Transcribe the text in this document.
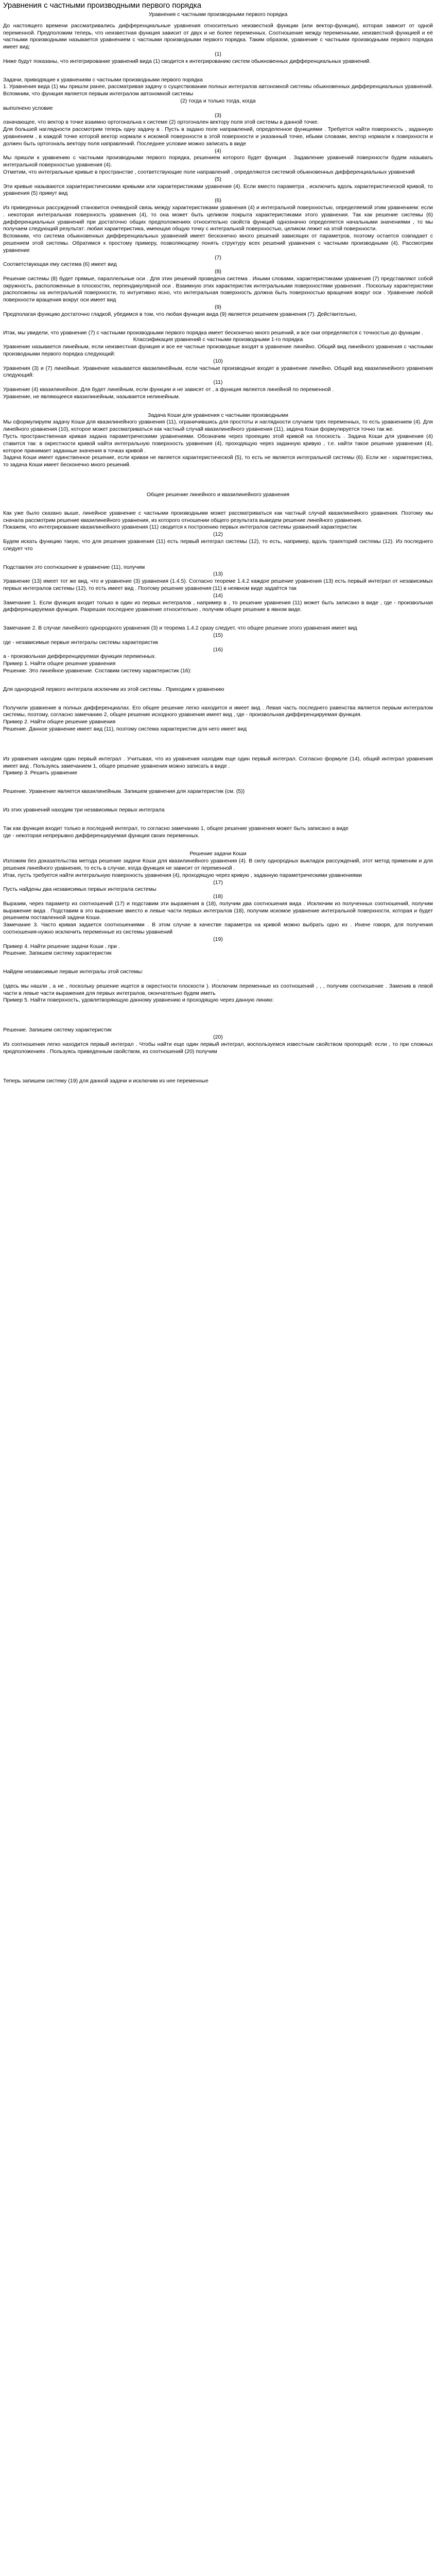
Уравнения с частными производными первого порядка
Уравнения с частными производными первого порядка
До настоящего времени рассматривались дифференциальные уравнения относительно неизвестной функции (или вектор-функции), которая зависит от одной переменной. Предположим теперь, что неизвестная функция зависит от двух и не более переменных. Соотношение между переменными, неизвестной функцией и её частными производными называется уравнением с частными производными первого порядка. Таким образом, уравнение с частными производными первого порядка имеет вид:
(1)
Ниже будут показаны, что интегрирование уравнений вида (1) сводится к интегрированию систем обыкновенных дифференциальных уравнений.
Задачи, приводящие к уравнениям с частными производными первого порядка
1. Уравнения вида (1) мы пришли ранее, рассматривая задачу о существовании полных интегралов автономной системы обыкновенных дифференциальных уравнений. Вспомним, что функция является первым интегралом автономной системы
(2) тогда и только тогда, когда
выполнено условие
(3)
означающее, что вектор в точке взаимно ортогональна к системе (2) ортогонален вектору поля этой системы в данной точке.
Для большей наглядности рассмотрим теперь одну задачу в . Пусть в задано поле направлений, определенное функциями . Требуется найти поверхность , заданную уравнением , в каждой точке которой вектор нормали к искомой поверхности в этой поверхности и указанный точке, ибыми словами, вектор нормали к поверхности и должен быть ортогональ вектору поля направлений. Последнее условие можно записать в виде
(4)
Мы пришли к уравнению с частными производными первого порядка, решением которого будет функция . Задавление уравнений поверхности будем называть интегральной поверхностью уравнения (4).
Отметим, что интегральные кривые в пространстве , соответствующие поле направлений , определяются системой обыкновенных дифференциальных уравнений
(5)
Эти кривые называются характеристическими кривыми или характеристиками уравнения (4). Если вместо параметра , исключить вдоль характеристической кривой, то уравнения (5) примут вид
(6)
Из приведенных рассуждений становится очевидной связь между характеристиками уравнения (4) и интегральной поверхностью, определяемой этим уравнением: если . некоторая интегральная поверхность уравнения (4), то она может быть целиком покрыта характеристиками этого уравнения. Так как решение системы (6) дифференциальных уравнений при достаточно общих предположениях относительно свойств функций однозначно определяется начальными значениями , то мы получаем следующий результат: любая характеристика, имеющая общую точку с интегральной поверхностью, целиком лежит на этой поверхности.
Вспомним, что система обыкновенных дифференциальных уравнений имеет бесконечно много решений зависящих от параметров, поэтому остается совпадает с решением этой системы. Обратимся к простому примеру, позволяющему понять структуру всех решений уравнения с частными производными (4). Рассмотрим уравнение
(7)
Соответствующая ему система (6) имеет вид
(8)
Решение системы (8) будет прямые, параллельные оси . Для этих решений проведена система . Иными словами, характеристиками уравнения (7) представляют собой окружность, расположенные в плоскостях, перпендикулярной оси . Взаимную этих характеристик интегральными поверхностями уравнения . Поскольку характеристики расположены на интегральной поверхности, то интуитивно ясно, что интегральная поверхность должна быть поверхностью вращения вокруг оси . Уравнение любой поверхности вращения вокруг оси имеет вид
(9)
Предполагая функцию достаточно гладкой, убедимся в том, что любая функция вида (9) является решением уравнения (7). Действительно,
Итак, мы увидели, что уравнение (7) с частными производными первого порядка имеет бесконечно много решений, и все они определяются с точностью до функции .
Классификация уравнений с частными производными 1-го порядка
Уравнение называется линейным, если неизвестная функция и все ее частные производные входят в уравнение линейно. Общий вид линейного уравнения с частными производными первого порядка следующий:
(10)
Уравнения (3) и (7) линейные. Уравнение называется квазилинейным, если частные производные входят в уравнение линейно. Общий вид квазилинейного уравнения следующий:
(11)
Уравнение (4) квазилинейное. Для будет линейным, если функции и не зависят от , а функция является линейной по переменной .
Уравнение, не являющееся квазилинейным, называется нелинейным.
Задача Коши для уравнения с частными производными
Мы сформулируем задачу Коши для квазилинейного уравнения (11), ограничившись для простоты и наглядности случаем трех переменных, то есть уравнением (4). Для линейного уравнения (10), которое может рассматриваться как частный случай квазилинейного уравнения (11), задача Коши формулируется точно так же.
Пусть пространственная кривая задана параметрическими уравнениями. Обозначим через проекцию этой кривой на плоскость . Задача Коши для уравнения (4) ставится так: в окрестности кривой найти интегральную поверхность уравнения (4), проходящую через заданную кривую , т.е. найти такое решение уравнения (4), которое принимает заданные значения в точках кривой .
Задача Коши имеет единственное решение, если кривая не является характеристической (5), то есть не является интегральной системы (6). Если же - характеристика, то задача Коши имеет бесконечно много решений.
Общее решение линейного и квазилинейного уравнения
Как уже было сказано выше, линейное уравнение с частными производными может рассматриваться как частный случай квазилинейного уравнения. Поэтому мы сначала рассмотрим решение квазилинейного уравнения, из которого отношении общего результата выведем решение линейного уравнения.
Покажем, что интегрирование квазилинейного уравнения (11) сводится к построению первых интегралов системы уравнений характеристик
(12)
Будем искать функцию такую, что для решения уравнения (11) есть первый интеграл системы (12), то есть, например, вдоль траекторий системы (12). Из последнего следует что
Подставляя это соотношение в уравнение (11), получим
(13)
Уравнение (13) имеет тот же вид, что и уравнение (3) уравнения (1.4.5). Согласно теореме 1.4.2 каждое решение уравнения (13) есть первый интеграл от независимых первых интегралов системы (12), то есть имеет вид . Поэтому решение уравнения (11) в неявном виде задаётся так
(14)
Замечание 1. Если функция входит только в один из первых интегралов , например в , то решение уравнения (11) может быть записано в виде , где - произвольная дифференцируемая функция. Разрешая последнее уравнение относительно , получим общее решение в явном виде.
Замечание 2. В случае линейного однородного уравнения (3) и теорема 1.4.2 сразу следует, что общее решение этого уравнения имеет вид
(15)
где - независимые первые интегралы системы характеристик
(16)
а - произвольная дифференцируемая функция переменных.
Пример 1. Найти общее решение уравнения
Решение. Это линейное уравнение. Составим систему характеристик (16):
Для однородной первого интеграла исключим из этой системы . Приходим к уравнению
Получили уравнение в полных дифференциалах. Его общее решение легко находится и имеет вид . Левая часть последнего равенства является первым интегралом системы, поэтому, согласно замечанию 2, общее решение исходного уравнения имеет вид , где - произвольная дифференцируемая функция.
Пример 2. Найти общее решение уравнения
Решение. Данное уравнение имеет вид (11), поэтому система характеристик для него имеет вид
Из уравнения находим один первый интеграл . Учитывая, что из уравнения находим еще один первый интеграл. Согласно формуле (14), общий интеграл уравнения имеет вид . Пользуясь замечанием 1, общее решение уравнения можно записать в виде .
Пример 3. Решить уравнение
Решение. Уравнение является квазилинейным. Запишем уравнения для характеристик (см. (5))
Из этих уравнений находим три независимых первых интеграла
Так как функция входит только в последний интеграл, то согласно замечанию 1, общее решение уравнения может быть записано в виде
где - некоторая непрерывно дифференцируемая функция своих переменных.
Решение задачи Коши
Изложим без доказательства метода решение задачи Коши для квазилинейного уравнения (4). В силу однородных выкладок рассуждений, этот метод применим и для решения линейного уравнения, то есть в случае, когда функция не зависит от переменной .
Итак, пусть требуется найти интегральную поверхность уравнения (4), проходящую через кривую , заданную параметрическими уравнениями
(17)
Пусть найдены два независимых первых интеграла системы
(18)
Выразим, через параметр из соотношений (17) и подставим эти выражения в (18), получим два соотношения вида . Исключим из полученных соотношений, получим выражение вида . Подставим в это выражение вместо и левые части первых интегралов (18), получим искомое уравнение интегральной поверхности, которая и будет решением поставленной задачи Коши.
Замечание 3. Часто кривая задается соотношениями . В этом случае в качестве параметра на кривой можно выбрать одно из . Иначе говоря, для получения соотношения-нужно исключить переменные из системы уравнений
(19)
Пример 4. Найти решение задачи Коши , при .
Решение. Запишем систему характеристик
Найдем независимые первые интегралы этой системы:
.
(здесь мы нашли , а не , поскольку решение ищется в окрестности плоскости ). Исключим переменные из соотношений , , , получим соотношение . Заменив в левой части в левые части выражения для первых интегралов, окончательно будем иметь
Пример 5. Найти поверхность, удовлетворяющую данному уравнению и проходящую через данную линию:
Решение. Запишем систему характеристик
(20)
Из соотношения легко находится первый интеграл . Чтобы найти еще один первый интеграл, воспользуемся известным свойством пропорций: если , то при сложных предположениях . Пользуясь приведенным свойством, из соотношений (20) получим
Теперь запишем систему (19) для данной задачи и исключим из нее переменные
